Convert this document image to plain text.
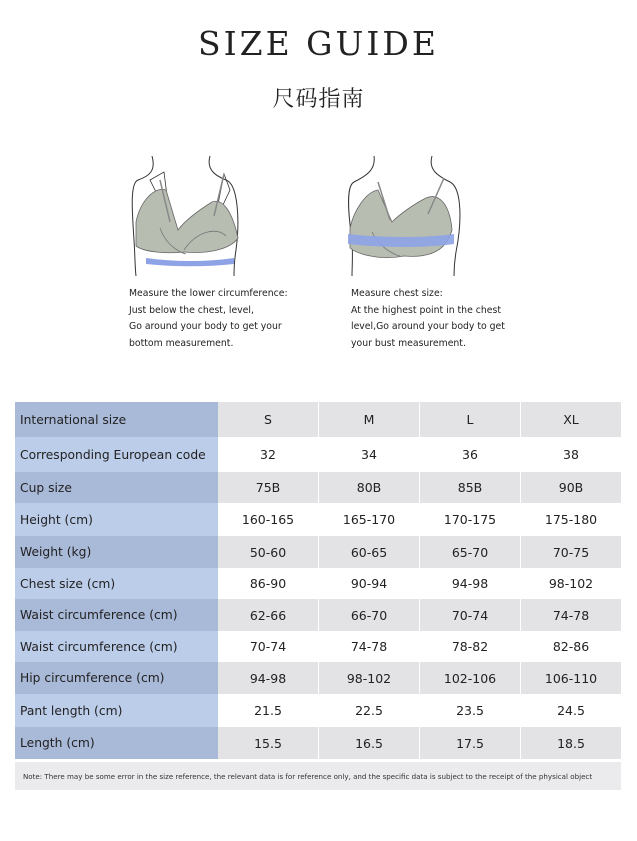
SIZE GUIDE
尺码指南
Measure the lower circumference:
Just below the chest, level,
Go around your body to get your
bottom measurement.
Measure chest size:
At the highest point in the chest
level,Go around your body to get
your bust measurement.
International size	S	M	L	XL
Corresponding European code	32	34	36	38
Cup size	75B	80B	85B	90B
Height (cm)	160-165	165-170	170-175	175-180
Weight (kg)	50-60	60-65	65-70	70-75
Chest size (cm)	86-90	90-94	94-98	98-102
Waist circumference (cm)	62-66	66-70	70-74	74-78
Waist circumference (cm)	70-74	74-78	78-82	82-86
Hip circumference (cm)	94-98	98-102	102-106	106-110
Pant length (cm)	21.5	22.5	23.5	24.5
Length (cm)	15.5	16.5	17.5	18.5
Note: There may be some error in the size reference, the relevant data is for reference only, and the specific data is subject to the receipt of the physical object
